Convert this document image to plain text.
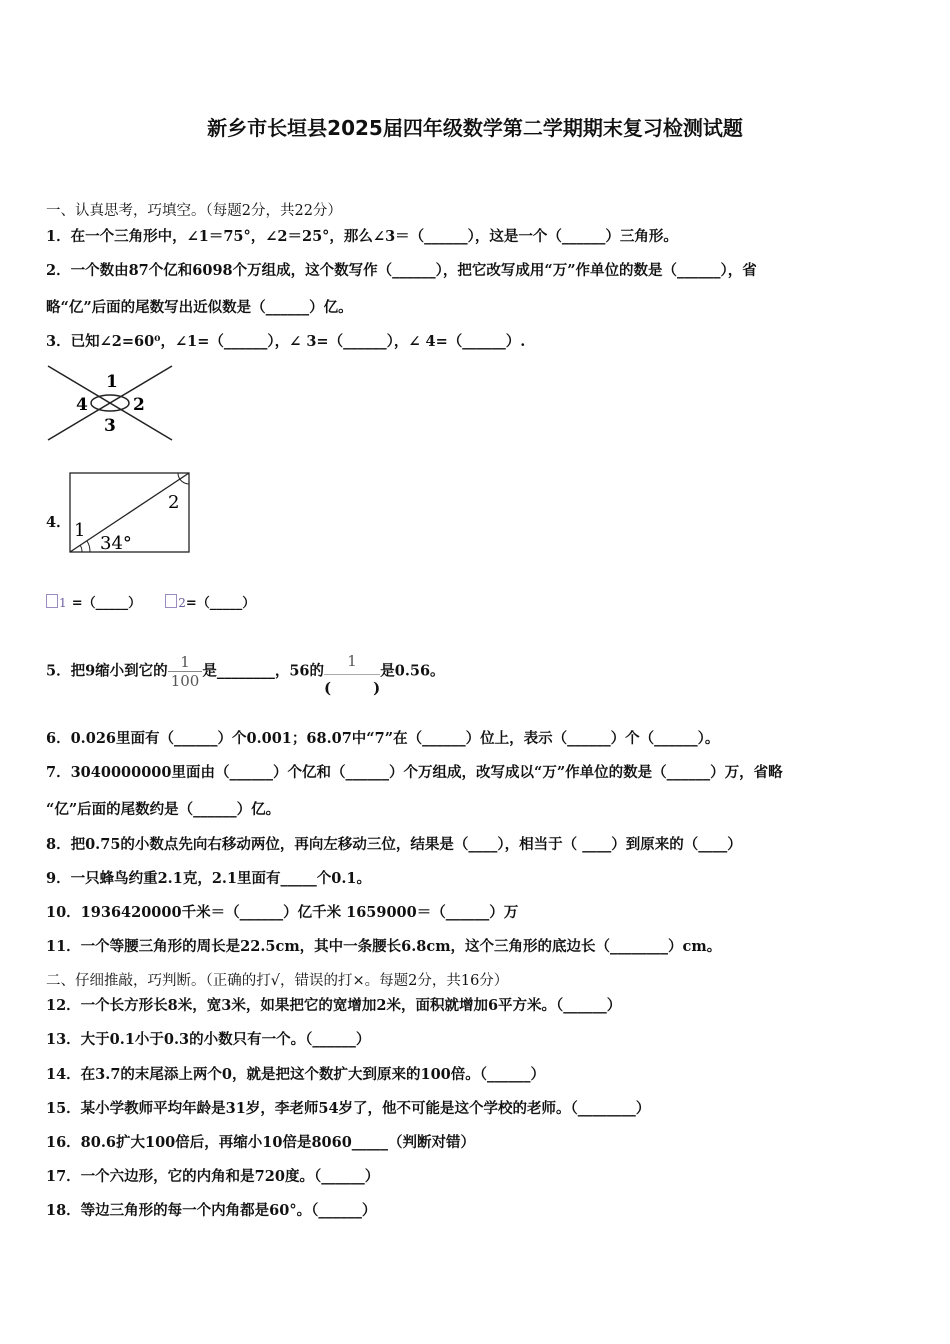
新乡市长垣县2025届四年级数学第二学期期末复习检测试题
一、认真思考，巧填空。（每题2分，共22分）
1．在一个三角形中，∠1＝75°，∠2＝25°，那么∠3＝（______），这是一个（______）三角形。
2．一个数由87个亿和6098个万组成，这个数写作（______），把它改写成用“万”作单位的数是（______），省
略“亿”后面的尾数写出近似数是（______）亿。
3．已知∠2=60⁰，∠1=（______），∠ 3=（______），∠ 4=（______）.
1
2
3
4
4． 1
2
34°
1 =（_____）	2=（_____）
5．把9缩小到它的 $\frac{1}{100}$ 是________，56的 1
(	) 是0.56。
6．0.026里面有（______）个0.001；68.07中“7”在（______）位上，表示（______）个（______）。
7．3040000000里面由（______）个亿和（______）个万组成，改写成以“万”作单位的数是（______）万，省略
“亿”后面的尾数约是（______）亿。
8．把0.75的小数点先向右移动两位，再向左移动三位，结果是（____），相当于（ ____）到原来的（____）
9．一只蜂鸟约重2.1克，2.1里面有_____个0.1。
10．1936420000千米＝（______）亿千米 1659000＝（______）万
11．一个等腰三角形的周长是22.5cm，其中一条腰长6.8cm，这个三角形的底边长（________）cm。
二、仔细推敲，巧判断。（正确的打√，错误的打×。每题2分，共16分）
12．一个长方形长8米，宽3米，如果把它的宽增加2米，面积就增加6平方米。（______）
13．大于0.1小于0.3的小数只有一个。（______）
14．在3.7的末尾添上两个0，就是把这个数扩大到原来的100倍。（______）
15．某小学教师平均年龄是31岁，李老师54岁了，他不可能是这个学校的老师。（________）
16．80.6扩大100倍后，再缩小10倍是8060_____（判断对错）
17．一个六边形，它的内角和是720度。（______）
18．等边三角形的每一个内角都是60°。（______）
